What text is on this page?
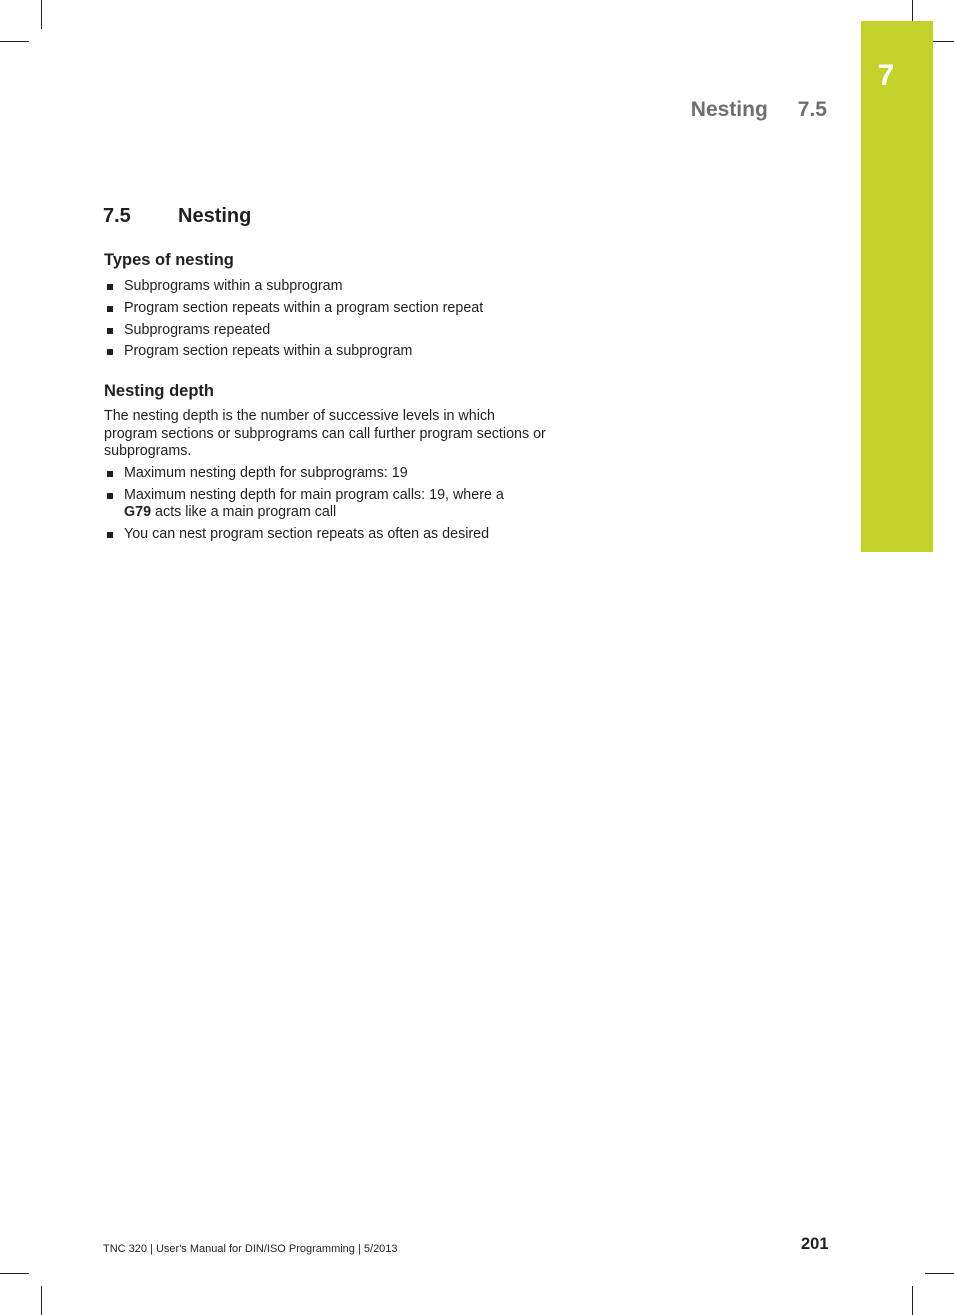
7
Nesting 7.5
7.5 Nesting
Types of nesting
Subprograms within a subprogram
Program section repeats within a program section repeat
Subprograms repeated
Program section repeats within a subprogram
Nesting depth
The nesting depth is the number of successive levels in which program sections or subprograms can call further program sections or subprograms.
Maximum nesting depth for subprograms: 19
Maximum nesting depth for main program calls: 19, where a
G79 acts like a main program call
You can nest program section repeats as often as desired
TNC 320 | User's Manual for DIN/ISO Programming | 5/2013	201
